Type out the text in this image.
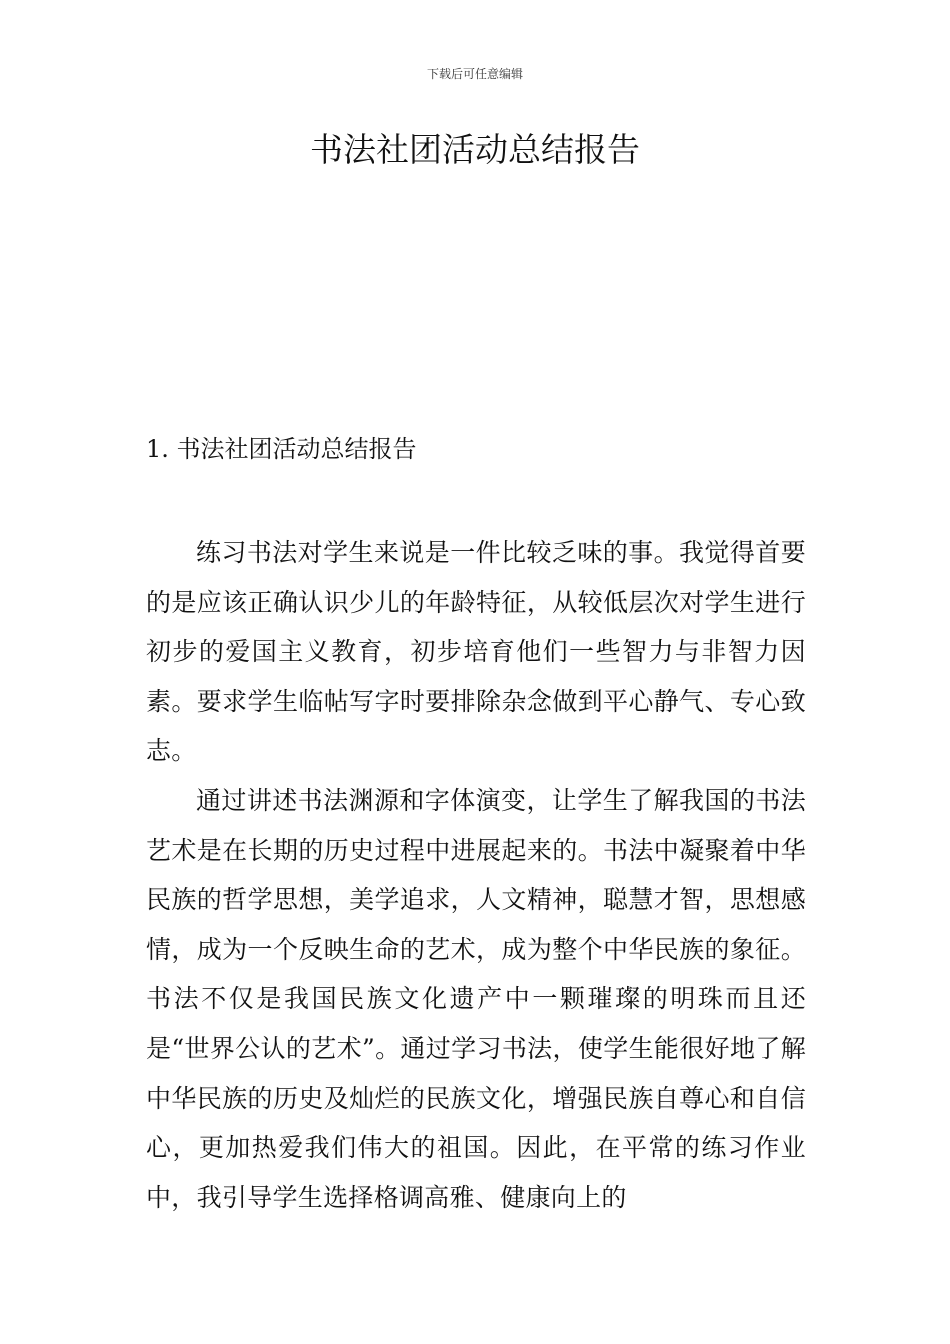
下载后可任意编辑
书法社团活动总结报告
1. 书法社团活动总结报告

练习书法对学生来说是一件比较乏味的事。我觉得首要的是应该正确认识少儿的年龄特征，从较低层次对学生进行初步的爱国主义教育，初步培育他们一些智力与非智力因素。要求学生临帖写字时要排除杂念做到平心静气、专心致志。

通过讲述书法渊源和字体演变，让学生了解我国的书法艺术是在长期的历史过程中进展起来的。书法中凝聚着中华民族的哲学思想，美学追求，人文精神，聪慧才智，思想感情，成为一个反映生命的艺术，成为整个中华民族的象征。书法不仅是我国民族文化遗产中一颗璀璨的明珠而且还是“世界公认的艺术”。通过学习书法，使学生能很好地了解中华民族的历史及灿烂的民族文化，增强民族自尊心和自信心，更加热爱我们伟大的祖国。因此，在平常的练习作业中，我引导学生选择格调高雅、健康向上的
